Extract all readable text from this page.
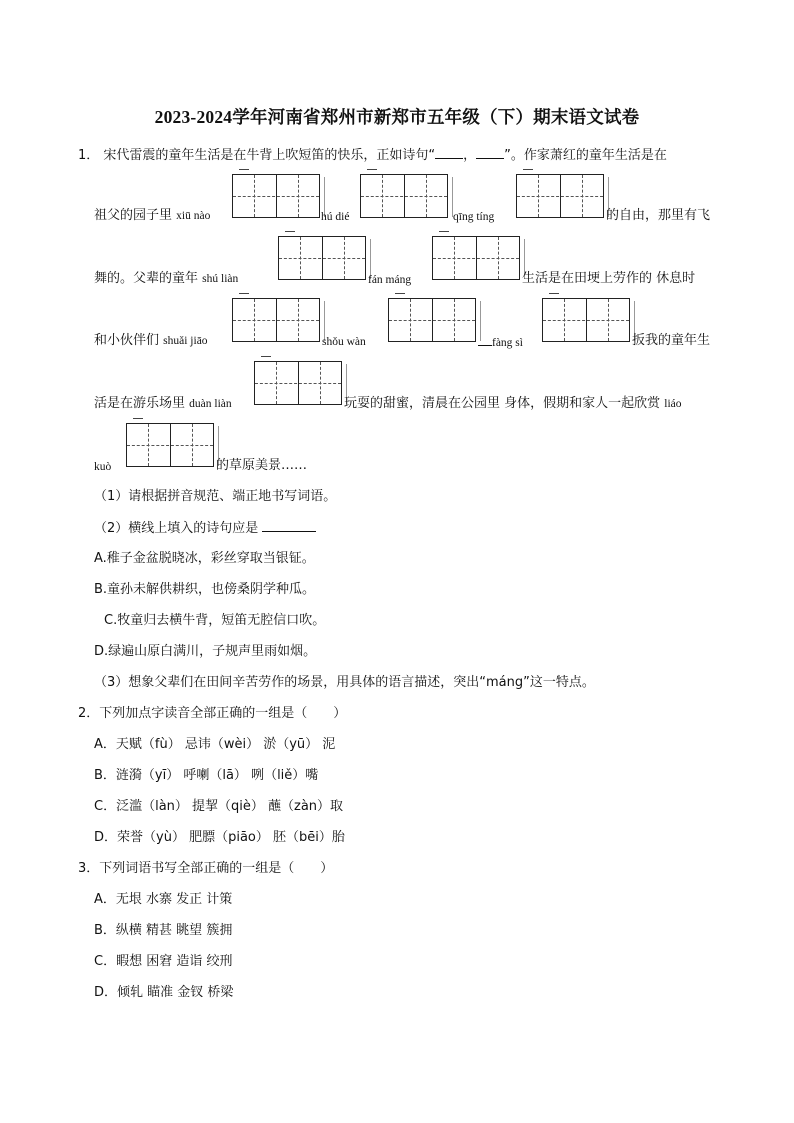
2023-2024学年河南省郑州市新郑市五年级（下）期末语文试卷
1． 宋代雷震的童年生活是在牛背上吹短笛的快乐，正如诗句“ ， ”。作家萧红的童年生活是在
祖父的园子里 xiū nào	hú dié	qīng tíng	的自由，那里有飞
舞的。父辈的童年 shú liàn	fán máng	生活是在田埂上劳作的 休息时
和小伙伴们 shuǎi jiāo	shǒu wàn	fàng sì	扳我的童年生
活是在游乐场里 duàn liàn	玩耍的甜蜜，清晨在公园里 身体，假期和家人一起欣赏 liáo
kuò	的草原美景……
（1）请根据拼音规范、端正地书写词语。
（2）横线上填入的诗句应是
A.稚子金盆脱晓冰，彩丝穿取当银钲。
B.童孙未解供耕织，也傍桑阴学种瓜。
C.牧童归去横牛背，短笛无腔信口吹。
D.绿遍山原白满川，子规声里雨如烟。
（3）想象父辈们在田间辛苦劳作的场景，用具体的语言描述，突出“máng”这一特点。
2．下列加点字读音全部正确的一组是（　　）
A．天赋（fù） 忌讳（wèi） 淤（yū） 泥
B．涟漪（yī） 呼喇（lā） 咧（liě）嘴
C．泛滥（làn） 提挈（qiè） 蘸（zàn）取
D．荣誉（yù） 肥膘（piāo） 胚（bēi）胎
3．下列词语书写全部正确的一组是（　　）
A．无垠 水寨 发正 计策
B．纵横 精甚 眺望 簇拥
C．睱想 困窘 造诣 绞刑
D．倾轧 瞄准 金钗 桥梁
